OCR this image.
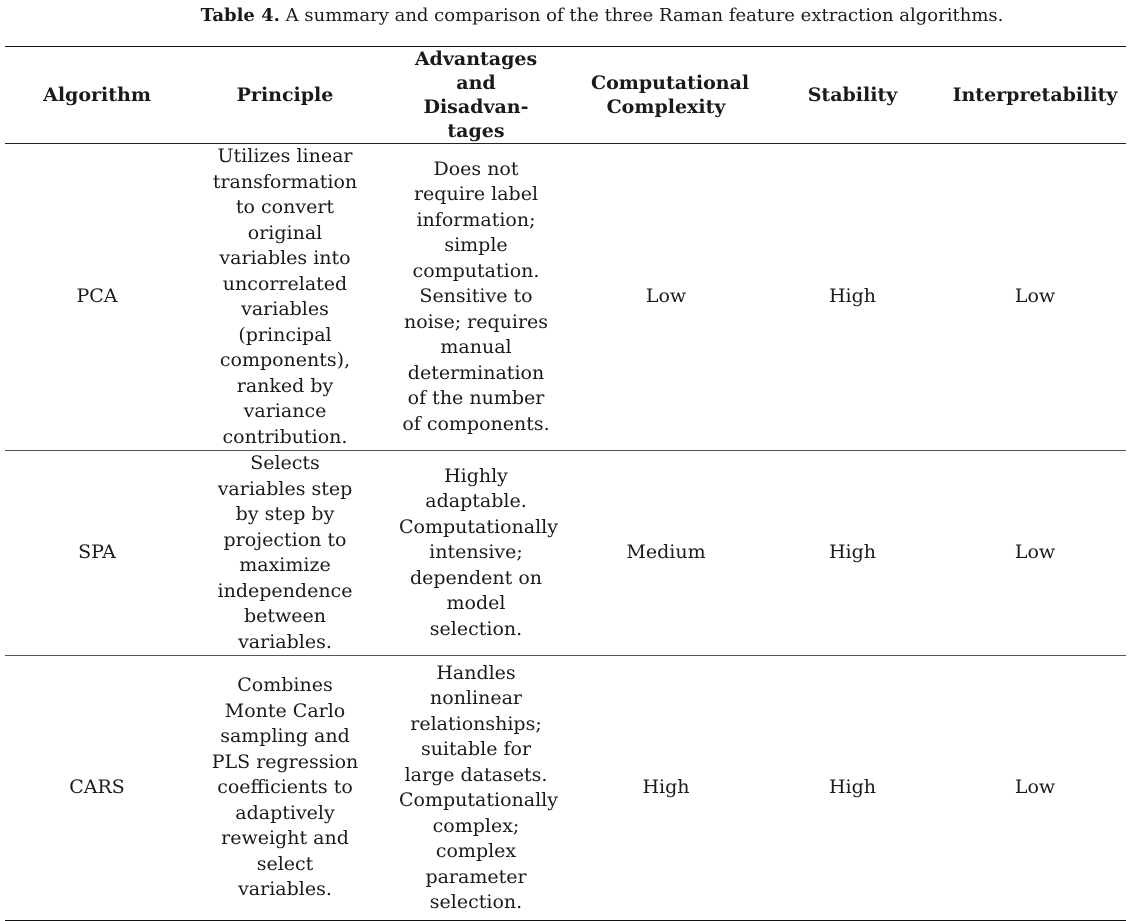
Table 4. A summary and comparison of the three Raman feature extraction algorithms.
Algorithm	Principle	Advantages and Disadvan-tages	Computational Complexity	Stability	Interpretability
PCA	Utilizes linear transformation to convert original variables into uncorrelated variables (principal components), ranked by variance contribution.	Does not require label information; simple computation. Sensitive to noise; requires manual determination of the number of components.	Low	High	Low
SPA	Selects variables step by step by projection to maximize independence between variables.	Highly adaptable. Computationally intensive; dependent on model selection.	Medium	High	Low
CARS	Combines Monte Carlo sampling and PLS regression coefficients to adaptively reweight and select variables.	Handles nonlinear relationships; suitable for large datasets. Computationally complex; complex parameter selection.	High	High	Low
